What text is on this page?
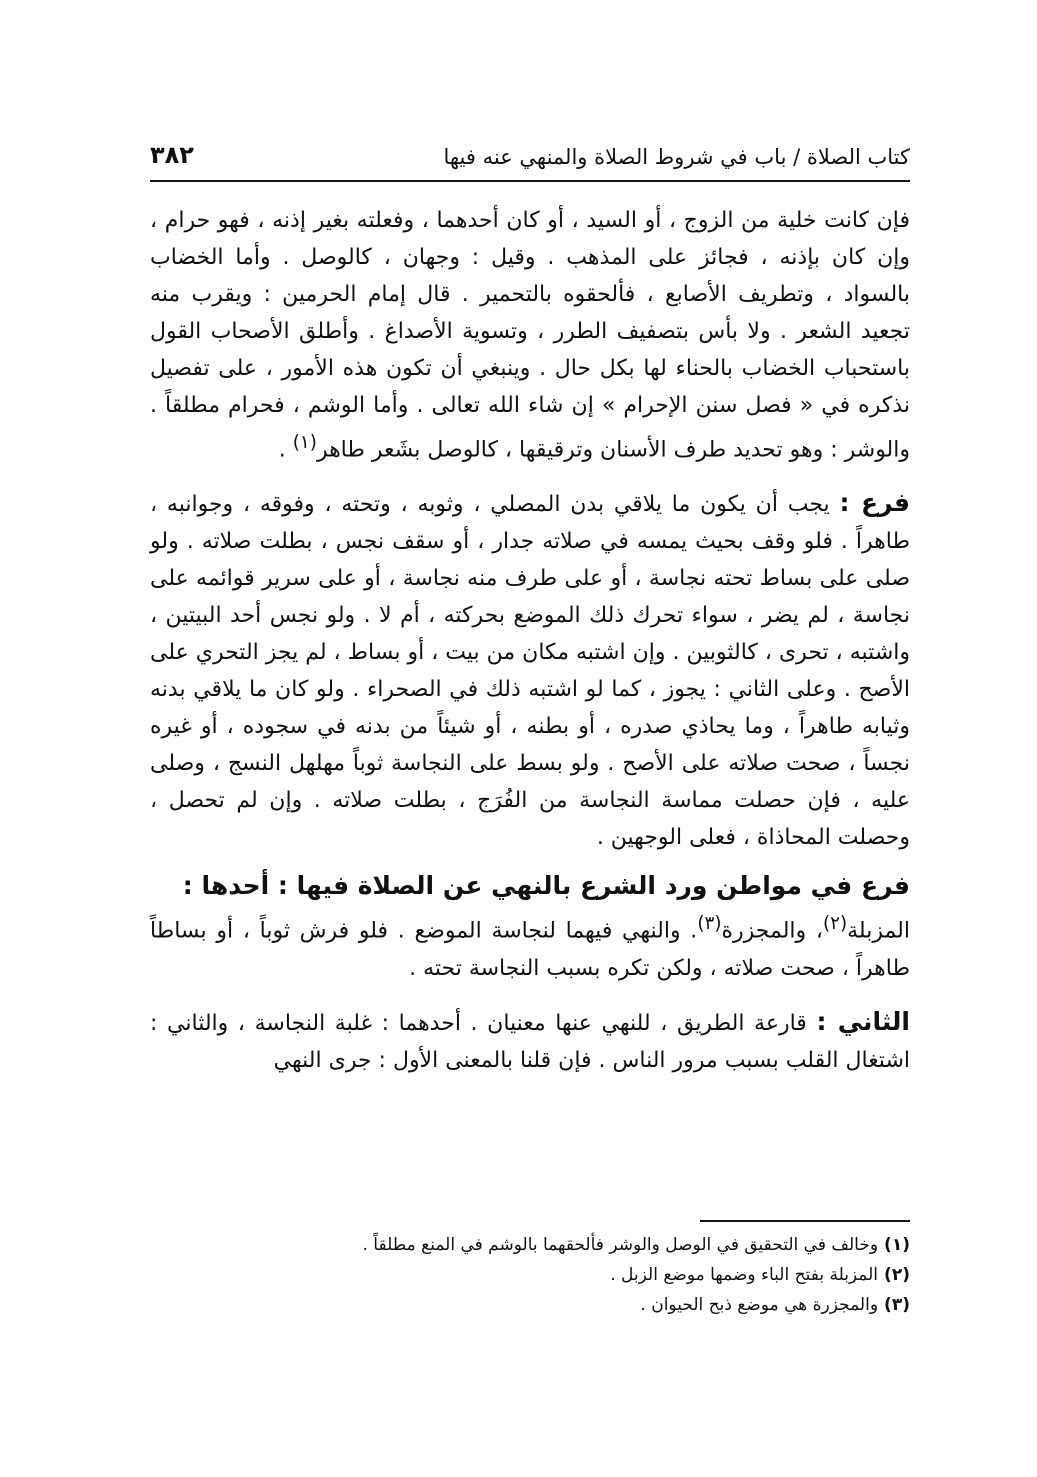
كتاب الصلاة / باب في شروط الصلاة والمنهي عنه فيها
٣٨٢

فإن كانت خلية من الزوج ، أو السيد ، أو كان أحدهما ، وفعلته بغير إذنه ، فهو حرام ، وإن كان بإذنه ، فجائز على المذهب . وقيل : وجهان ، كالوصل . وأما الخضاب بالسواد ، وتطريف الأصابع ، فألحقوه بالتحمير . قال إمام الحرمين : ويقرب منه تجعيد الشعر . ولا بأس بتصفيف الطرر ، وتسوية الأصداغ . وأطلق الأصحاب القول باستحباب الخضاب بالحناء لها بكل حال . وينبغي أن تكون هذه الأمور ، على تفصيل نذكره في « فصل سنن الإحرام » إن شاء الله تعالى . وأما الوشم ، فحرام مطلقاً . والوشر : وهو تحديد طرف الأسنان وترقيقها ، كالوصل بشَعر طاهر$^{(١)}$ .

فرع : يجب أن يكون ما يلاقي بدن المصلي ، وثوبه ، وتحته ، وفوقه ، وجوانبه ، طاهراً . فلو وقف بحيث يمسه في صلاته جدار ، أو سقف نجس ، بطلت صلاته . ولو صلى على بساط تحته نجاسة ، أو على طرف منه نجاسة ، أو على سرير قوائمه على نجاسة ، لم يضر ، سواء تحرك ذلك الموضع بحركته ، أم لا . ولو نجس أحد البيتين ، واشتبه ، تحرى ، كالثوبين . وإن اشتبه مكان من بيت ، أو بساط ، لم يجز التحري على الأصح . وعلى الثاني : يجوز ، كما لو اشتبه ذلك في الصحراء . ولو كان ما يلاقي بدنه وثيابه طاهراً ، وما يحاذي صدره ، أو بطنه ، أو شيئاً من بدنه في سجوده ، أو غيره نجساً ، صحت صلاته على الأصح . ولو بسط على النجاسة ثوباً مهلهل النسج ، وصلى عليه ، فإن حصلت مماسة النجاسة من الفُرَج ، بطلت صلاته . وإن لم تحصل ، وحصلت المحاذاة ، فعلى الوجهين .

فرع في مواطن ورد الشرع بالنهي عن الصلاة فيها : أحدها :

المزبلة$^{(٢)}$، والمجزرة$^{(٣)}$. والنهي فيهما لنجاسة الموضع . فلو فرش ثوباً ، أو بساطاً طاهراً ، صحت صلاته ، ولكن تكره بسبب النجاسة تحته .

الثاني : قارعة الطريق ، للنهي عنها معنيان . أحدهما : غلبة النجاسة ، والثاني : اشتغال القلب بسبب مرور الناس . فإن قلنا بالمعنى الأول : جرى النهي

(١)وخالف في التحقيق في الوصل والوشر فألحقهما بالوشم في المنع مطلقاً .

(٢)المزبلة بفتح الباء وضمها موضع الزبل .

(٣)والمجزرة هي موضع ذبح الحيوان .
